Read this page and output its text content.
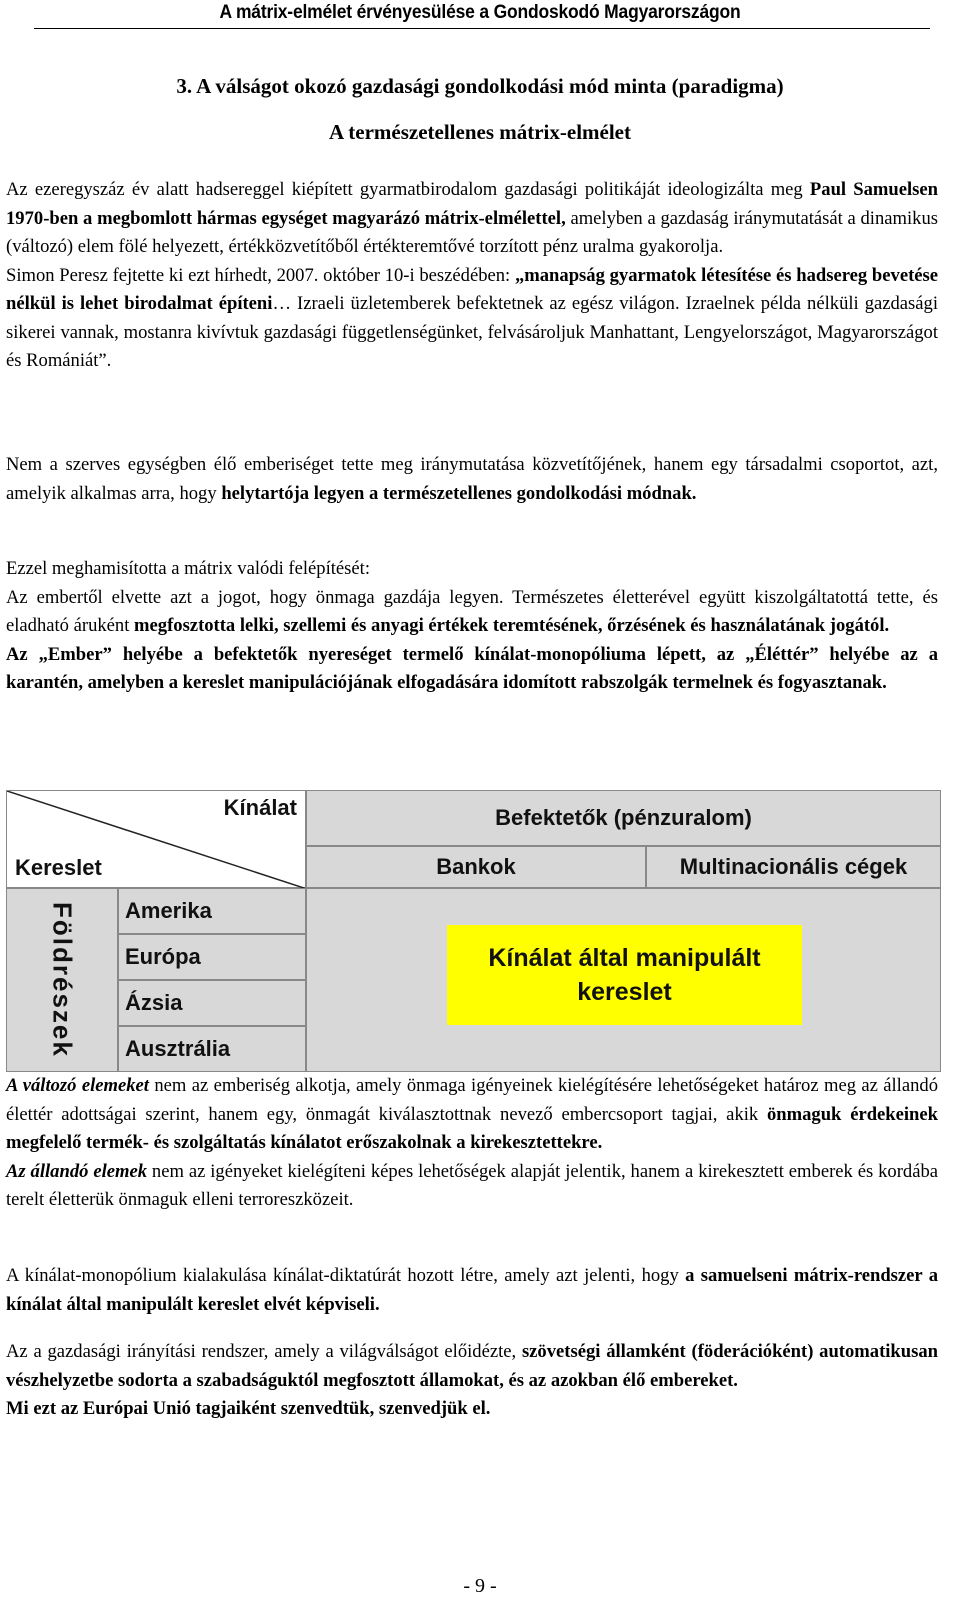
A mátrix-elmélet érvényesülése a Gondoskodó Magyarországon
3. A válságot okozó gazdasági gondolkodási mód minta (paradigma)
A természetellenes mátrix-elmélet

Az ezeregyszáz év alatt hadsereggel kiépített gyarmatbirodalom gazdasági politikáját ideologizálta meg Paul Samuelsen 1970-ben a megbomlott hármas egységet magyarázó mátrix-elmélettel, amelyben a gazdaság iránymutatását a dinamikus (változó) elem fölé helyezett, értékközvetítőből értékteremtővé torzított pénz uralma gyakorolja.

Simon Peresz fejtette ki ezt hírhedt, 2007. október 10-i beszédében: „manapság gyarmatok létesítése és hadsereg bevetése nélkül is lehet birodalmat építeni… Izraeli üzletemberek befektetnek az egész világon. Izraelnek példa nélküli gazdasági sikerei vannak, mostanra kivívtuk gazdasági függetlenségünket, felvásároljuk Manhattant, Lengyelországot, Magyarországot és Romániát”.

Nem a szerves egységben élő emberiséget tette meg iránymutatása közvetítőjének, hanem egy társadalmi csoportot, azt, amelyik alkalmas arra, hogy helytartója legyen a természetellenes gondolkodási módnak.

Ezzel meghamisította a mátrix valódi felépítését:

Az embertől elvette azt a jogot, hogy önmaga gazdája legyen. Természetes életterével együtt kiszolgáltatottá tette, és eladható áruként megfosztotta lelki, szellemi és anyagi értékek teremtésének, őrzésének és használatának jogától.

Az „Ember” helyébe a befektetők nyereséget termelő kínálat-monopóliuma lépett, az „Éléttér” helyébe az a karantén, amelyben a kereslet manipulációjának elfogadására idomított rabszolgák termelnek és fogyasztanak.

Kínálat
Kereslet
Befektetők (pénzuralom)
Bankok	Multinacionális cégek
Földrészek	Amerika
Európa
Ázsia
Ausztrália
Kínálat által manipulált
kereslet

A változó elemeket nem az emberiség alkotja, amely önmaga igényeinek kielégítésére lehetőségeket határoz meg az állandó élettér adottságai szerint, hanem egy, önmagát kiválasztottnak nevező embercsoport tagjai, akik önmaguk érdekeinek megfelelő termék- és szolgáltatás kínálatot erőszakolnak a kirekesztettekre.

Az állandó elemek nem az igényeket kielégíteni képes lehetőségek alapját jelentik, hanem a kirekesztett emberek és kordába terelt életterük önmaguk elleni terroreszközeit.

A kínálat-monopólium kialakulása kínálat-diktatúrát hozott létre, amely azt jelenti, hogy a samuelseni mátrix-rendszer a kínálat által manipulált kereslet elvét képviseli.

Az a gazdasági irányítási rendszer, amely a világválságot előidézte, szövetségi államként (föderációként) automatikusan vészhelyzetbe sodorta a szabadságuktól megfosztott államokat, és az azokban élő embereket.

Mi ezt az Európai Unió tagjaiként szenvedtük, szenvedjük el.

- 9 -
